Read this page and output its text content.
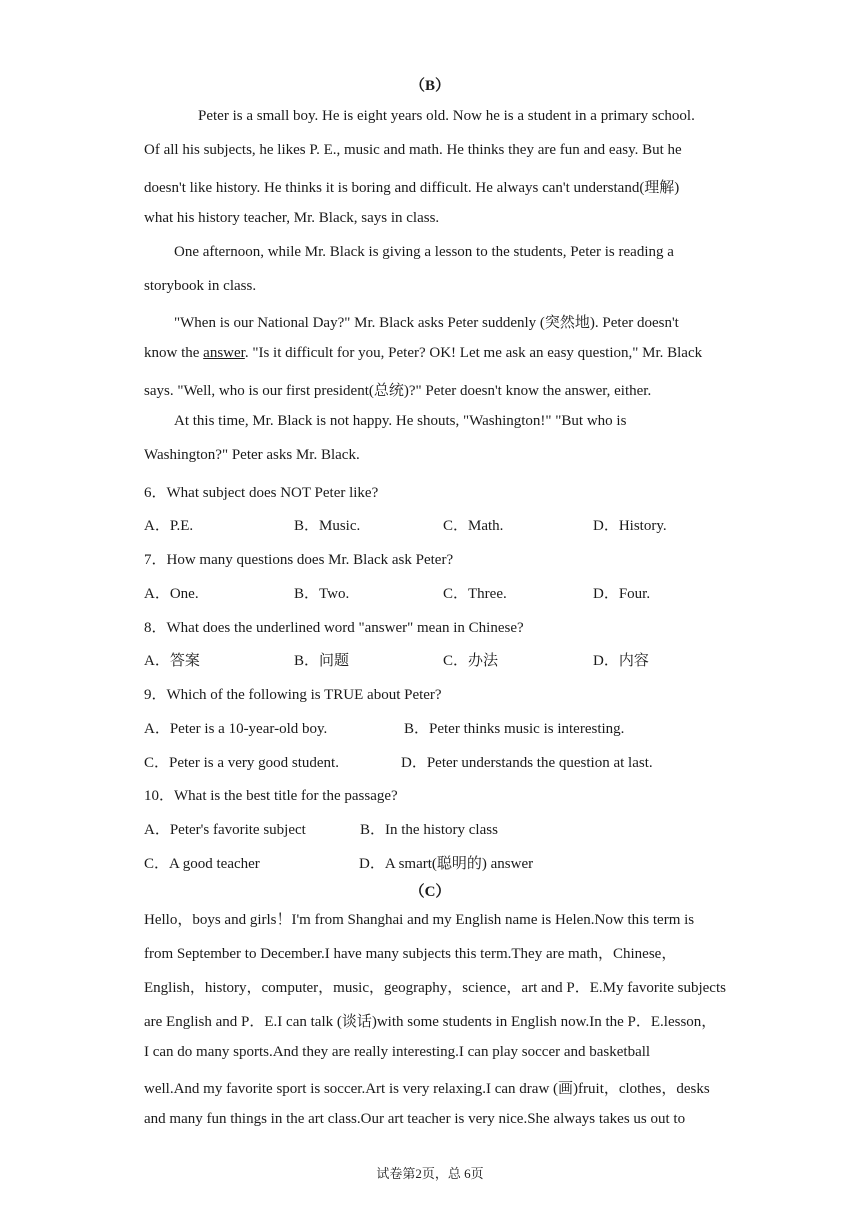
（B）
Peter is a small boy. He is eight years old. Now he is a student in a primary school.
Of all his subjects, he likes P. E., music and math. He thinks they are fun and easy. But he
doesn't like history. He thinks it is boring and difficult. He always can't understand(理解)
what his history teacher, Mr. Black, says in class.
One afternoon, while Mr. Black is giving a lesson to the students, Peter is reading a
storybook in class.
"When is our National Day?" Mr. Black asks Peter suddenly (突然地). Peter doesn't
know the answer. "Is it difficult for you, Peter? OK! Let me ask an easy question," Mr. Black
says. "Well, who is our first president(总统)?" Peter doesn't know the answer, either.
At this time, Mr. Black is not happy. He shouts, "Washington!" "But who is
Washington?" Peter asks Mr. Black.
6．What subject does NOT Peter like?
A．P.E.	B．Music.	C．Math.	D．History.
7．How many questions does Mr. Black ask Peter?
A．One.	B．Two.	C．Three.	D．Four.
8．What does the underlined word "answer" mean in Chinese?
A．答案	B．问题	C．办法	D．内容
9．Which of the following is TRUE about Peter?
A．Peter is a 10-year-old boy.	B．Peter thinks music is interesting.
C．Peter is a very good student.	D．Peter understands the question at last.
10．What is the best title for the passage?
A．Peter's favorite subject	B．In the history class
C．A good teacher	D．A smart(聪明的) answer
（C）
Hello，boys and girls！I'm from Shanghai and my English name is Helen.Now this term is
from September to December.I have many subjects this term.They are math，Chinese，
English，history，computer，music，geography，science，art and P．E.My favorite subjects
are English and P．E.I can talk (谈话)with some students in English now.In the P．E.lesson，
I can do many sports.And they are really interesting.I can play soccer and basketball
well.And my favorite sport is soccer.Art is very relaxing.I can draw (画)fruit，clothes，desks
and many fun things in the art class.Our art teacher is very nice.She always takes us out to
试卷第2页，总 6页
